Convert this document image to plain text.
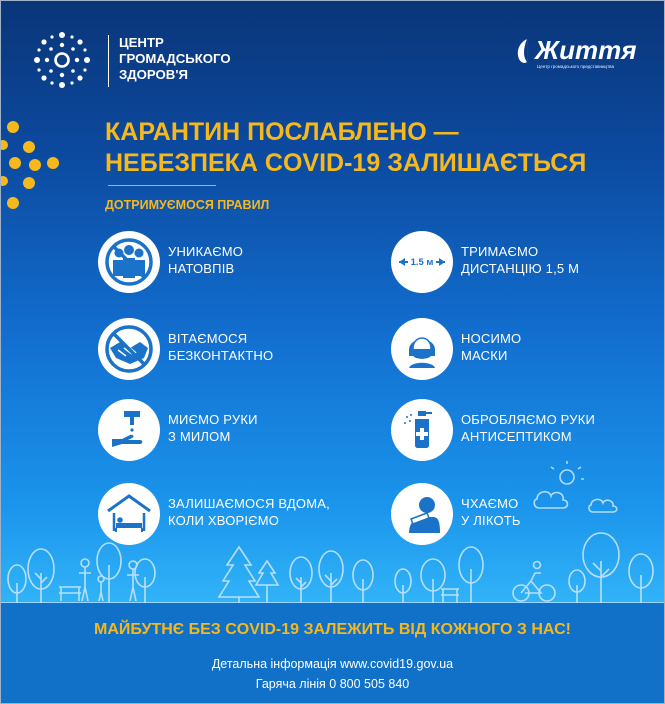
ЦЕНТР
ГРОМАДСЬКОГО
ЗДОРОВ'Я
Життя
Центр громадського представництва
КАРАНТИН ПОСЛАБЛЕНО —
НЕБЕЗПЕКА COVID-19 ЗАЛИШАЄТЬСЯ
ДОТРИМУЄМОСЯ ПРАВИЛ
УНИКАЄМО
НАТОВПІВ	1.5 м
ТРИМАЄМО
ДИСТАНЦІЮ 1,5 М
ВІТАЄМОСЯ
БЕЗКОНТАКТНО
НОСИМО
МАСКИ
МИЄМО РУКИ
З МИЛОМ
ОБРОБЛЯЄМО РУКИ
АНТИСЕПТИКОМ
ЗАЛИШАЄМОСЯ ВДОМА,
КОЛИ ХВОРІЄМО
ЧХАЄМО
У ЛІКОТЬ
МАЙБУТНЄ БЕЗ COVID-19 ЗАЛЕЖИТЬ ВІД КОЖНОГО З НАС!
Детальна інформація www.covid19.gov.ua
Гаряча лінія 0 800 505 840
